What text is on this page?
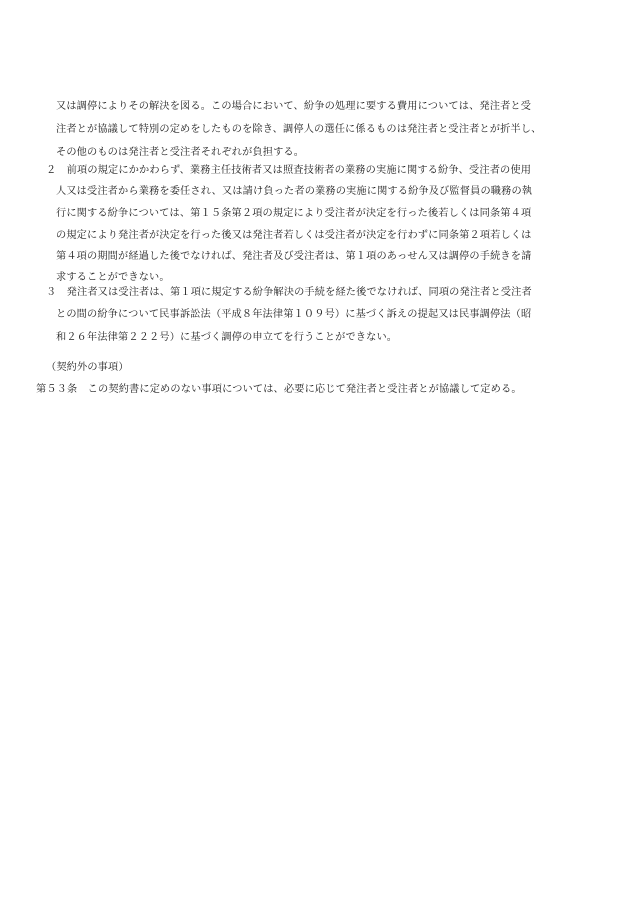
又は調停によりその解決を図る。この場合において、紛争の処理に要する費用については、発注者と受
注者とが協議して特別の定めをしたものを除き、調停人の選任に係るものは発注者と受注者とが折半し、
その他のものは発注者と受注者それぞれが負担する。
２　前項の規定にかかわらず、業務主任技術者又は照査技術者の業務の実施に関する紛争、受注者の使用
人又は受注者から業務を委任され、又は請け負った者の業務の実施に関する紛争及び監督員の職務の執
行に関する紛争については、第１５条第２項の規定により受注者が決定を行った後若しくは同条第４項
の規定により発注者が決定を行った後又は発注者若しくは受注者が決定を行わずに同条第２項若しくは
第４項の期間が経過した後でなければ、発注者及び受注者は、第１項のあっせん又は調停の手続きを請
求することができない。
３　発注者又は受注者は、第１項に規定する紛争解決の手続を経た後でなければ、同項の発注者と受注者
との間の紛争について民事訴訟法（平成８年法律第１０９号）に基づく訴えの提起又は民事調停法（昭
和２６年法律第２２２号）に基づく調停の申立てを行うことができない。
（契約外の事項）
第５３条　この契約書に定めのない事項については、必要に応じて発注者と受注者とが協議して定める。
